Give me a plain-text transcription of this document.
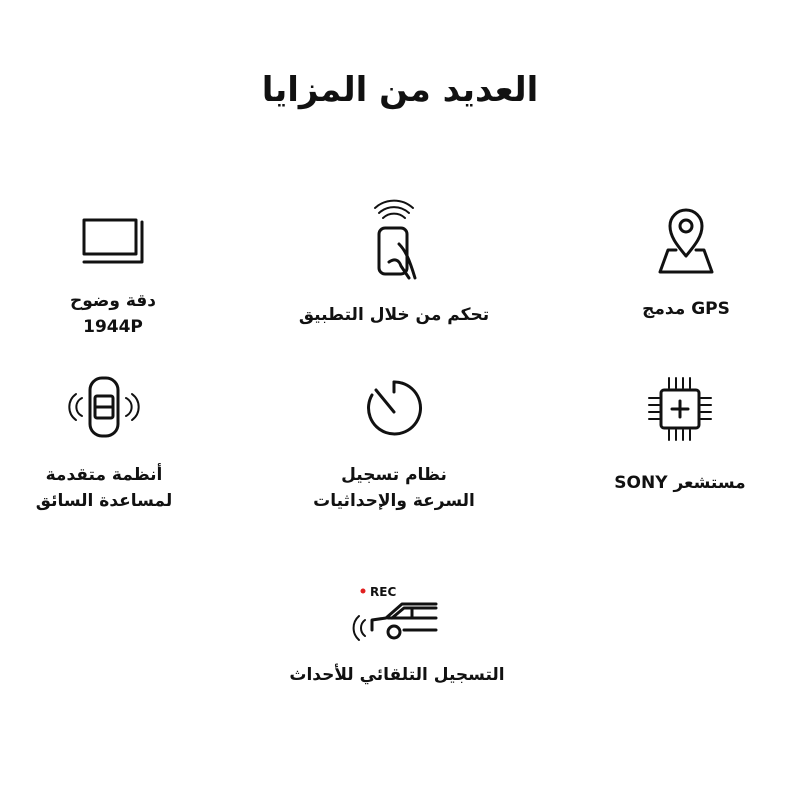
العديد من المزايا
GPS مدمج
تحكم من خلال التطبيق
دقة وضوح
1944P
مستشعر SONY
نظام تسجيل
السرعة والإحداثيات
أنظمة متقدمة
لمساعدة السائق
REC
التسجيل التلقائي للأحداث
